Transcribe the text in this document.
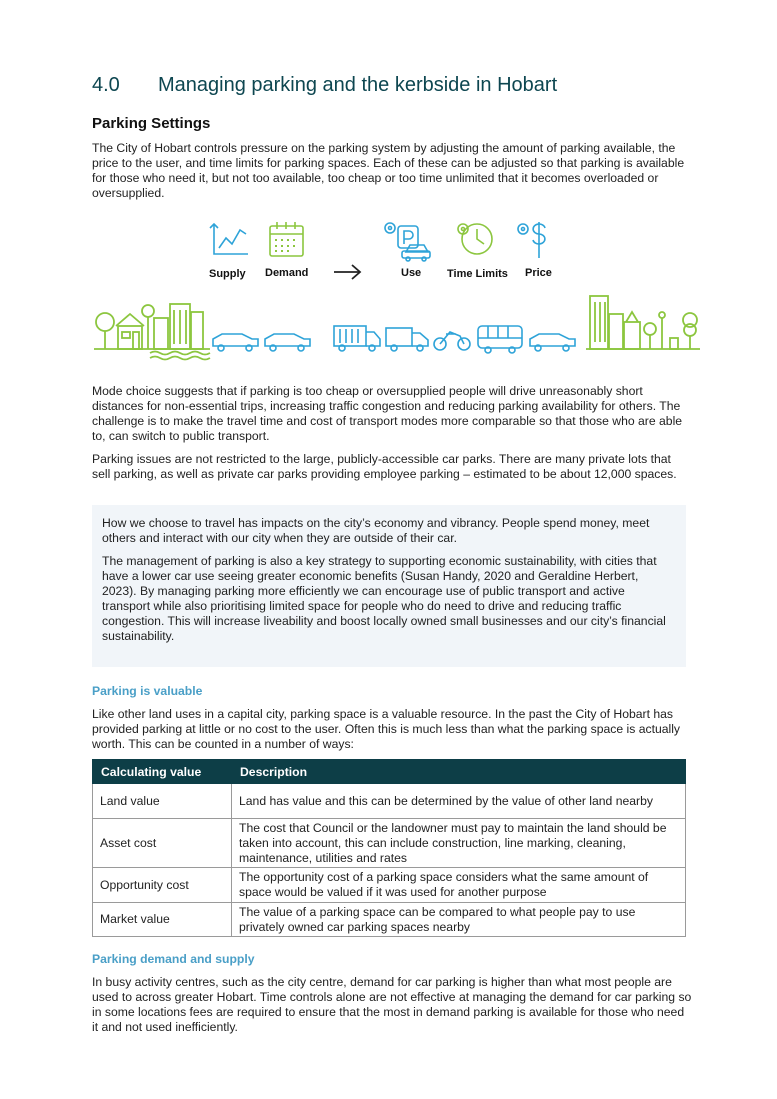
4.0 Managing parking and the kerbside in Hobart
Parking Settings

The City of Hobart controls pressure on the parking system by adjusting the amount of parking available, the price to the user, and time limits for parking spaces. Each of these can be adjusted so that parking is available for those who need it, but not too available, too cheap or too time unlimited that it becomes overloaded or oversupplied.

Supply Demand	Use Time Limits Price

Mode choice suggests that if parking is too cheap or oversupplied people will drive unreasonably short distances for non-essential trips, increasing traffic congestion and reducing parking availability for others. The challenge is to make the travel time and cost of transport modes more comparable so that those who are able to, can switch to public transport.

Parking issues are not restricted to the large, publicly-accessible car parks. There are many private lots that sell parking, as well as private car parks providing employee parking – estimated to be about 12,000 spaces.

How we choose to travel has impacts on the city’s economy and vibrancy. People spend money, meet others and interact with our city when they are outside of their car.

The management of parking is also a key strategy to supporting economic sustainability, with cities that have a lower car use seeing greater economic benefits (Susan Handy, 2020 and Geraldine Herbert, 2023). By managing parking more efficiently we can encourage use of public transport and active transport while also prioritising limited space for people who do need to drive and reducing traffic congestion. This will increase liveability and boost locally owned small businesses and our city’s financial sustainability.

Parking is valuable

Like other land uses in a capital city, parking space is a valuable resource. In the past the City of Hobart has provided parking at little or no cost to the user. Often this is much less than what the parking space is actually worth. This can be counted in a number of ways:

Calculating value	Description
Land value	Land has value and this can be determined by the value of other land nearby
Asset cost	The cost that Council or the landowner must pay to maintain the land should be taken into account, this can include construction, line marking, cleaning, maintenance, utilities and rates
Opportunity cost	The opportunity cost of a parking space considers what the same amount of space would be valued if it was used for another purpose
Market value	The value of a parking space can be compared to what people pay to use privately owned car parking spaces nearby
Parking demand and supply

In busy activity centres, such as the city centre, demand for car parking is higher than what most people are used to across greater Hobart. Time controls alone are not effective at managing the demand for car parking so in some locations fees are required to ensure that the most in demand parking is available for those who need it and not used inefficiently.
